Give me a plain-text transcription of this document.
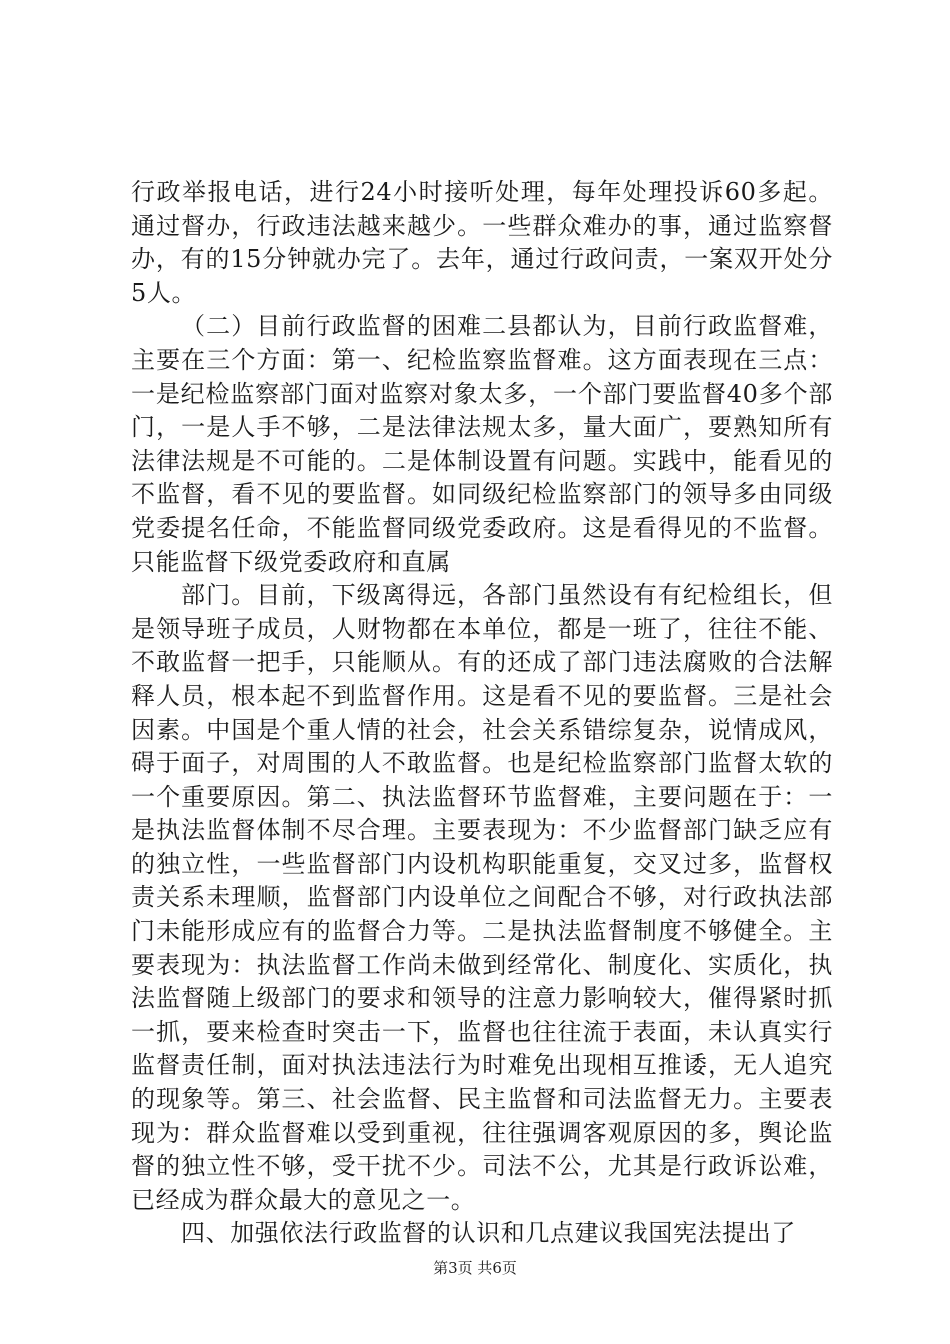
行政举报电话，进行24小时接听处理，每年处理投诉60多起。通过督办，行政违法越来越少。一些群众难办的事，通过监察督办，有的15分钟就办完了。去年，通过行政问责，一案双开处分5人。

（二）目前行政监督的困难二县都认为，目前行政监督难，主要在三个方面：第一、纪检监察监督难。这方面表现在三点：一是纪检监察部门面对监察对象太多，一个部门要监督40多个部门，一是人手不够，二是法律法规太多，量大面广，要熟知所有法律法规是不可能的。二是体制设置有问题。实践中，能看见的不监督，看不见的要监督。如同级纪检监察部门的领导多由同级党委提名任命，不能监督同级党委政府。这是看得见的不监督。只能监督下级党委政府和直属

部门。目前，下级离得远，各部门虽然设有有纪检组长，但是领导班子成员，人财物都在本单位，都是一班了，往往不能、不敢监督一把手，只能顺从。有的还成了部门违法腐败的合法解释人员，根本起不到监督作用。这是看不见的要监督。三是社会因素。中国是个重人情的社会，社会关系错综复杂，说情成风，碍于面子，对周围的人不敢监督。也是纪检监察部门监督太软的一个重要原因。第二、执法监督环节监督难，主要问题在于：一是执法监督体制不尽合理。主要表现为：不少监督部门缺乏应有的独立性，一些监督部门内设机构职能重复，交叉过多，监督权责关系未理顺，监督部门内设单位之间配合不够，对行政执法部门未能形成应有的监督合力等。二是执法监督制度不够健全。主要表现为：执法监督工作尚未做到经常化、制度化、实质化，执法监督随上级部门的要求和领导的注意力影响较大，催得紧时抓一抓，要来检查时突击一下，监督也往往流于表面，未认真实行监督责任制，面对执法违法行为时难免出现相互推诿，无人追究的现象等。第三、社会监督、民主监督和司法监督无力。主要表现为：群众监督难以受到重视，往往强调客观原因的多，舆论监督的独立性不够，受干扰不少。司法不公，尤其是行政诉讼难，已经成为群众最大的意见之一。

四、加强依法行政监督的认识和几点建议我国宪法提出了

第3页 共6页
